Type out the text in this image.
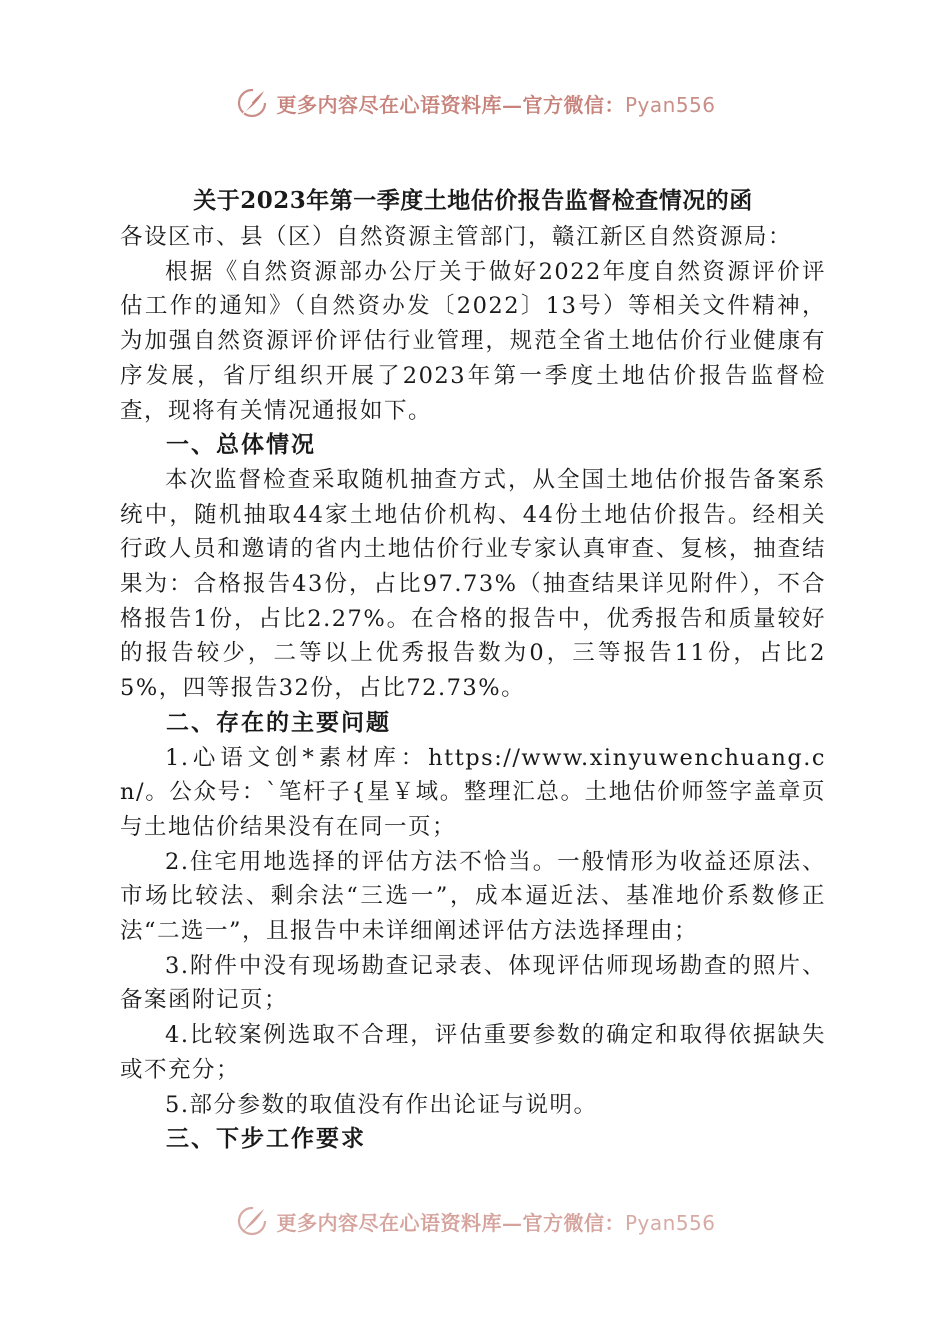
更多内容尽在心语资料库—官方微信：Pyan556

关于2023年第一季度土地估价报告监督检查情况的函

各设区市、县（区）自然资源主管部门，赣江新区自然资源局：

根据《自然资源部办公厅关于做好2022年度自然资源评价评估工作的通知》（自然资办发〔2022〕13号）等相关文件精神，为加强自然资源评价评估行业管理，规范全省土地估价行业健康有序发展，省厅组织开展了2023年第一季度土地估价报告监督检查，现将有关情况通报如下。

一、总体情况

本次监督检查采取随机抽查方式，从全国土地估价报告备案系统中，随机抽取44家土地估价机构、44份土地估价报告。经相关行政人员和邀请的省内土地估价行业专家认真审查、复核，抽查结果为：合格报告43份，占比97.73%（抽查结果详见附件），不合格报告1份，占比2.27%。在合格的报告中，优秀报告和质量较好的报告较少，二等以上优秀报告数为0，三等报告11份，占比25%，四等报告32份，占比72.73%。

二、存在的主要问题

1.心语文创*素材库：https://www.xinyuwenchuang.cn/。公众号：`笔杆子{星￥域。整理汇总。土地估价师签字盖章页与土地估价结果没有在同一页；

2.住宅用地选择的评估方法不恰当。一般情形为收益还原法、市场比较法、剩余法“三选一”，成本逼近法、基准地价系数修正法“二选一”，且报告中未详细阐述评估方法选择理由；

3.附件中没有现场勘查记录表、体现评估师现场勘查的照片、备案函附记页；

4.比较案例选取不合理，评估重要参数的确定和取得依据缺失或不充分；

5.部分参数的取值没有作出论证与说明。

三、下步工作要求

更多内容尽在心语资料库—官方微信：Pyan556
